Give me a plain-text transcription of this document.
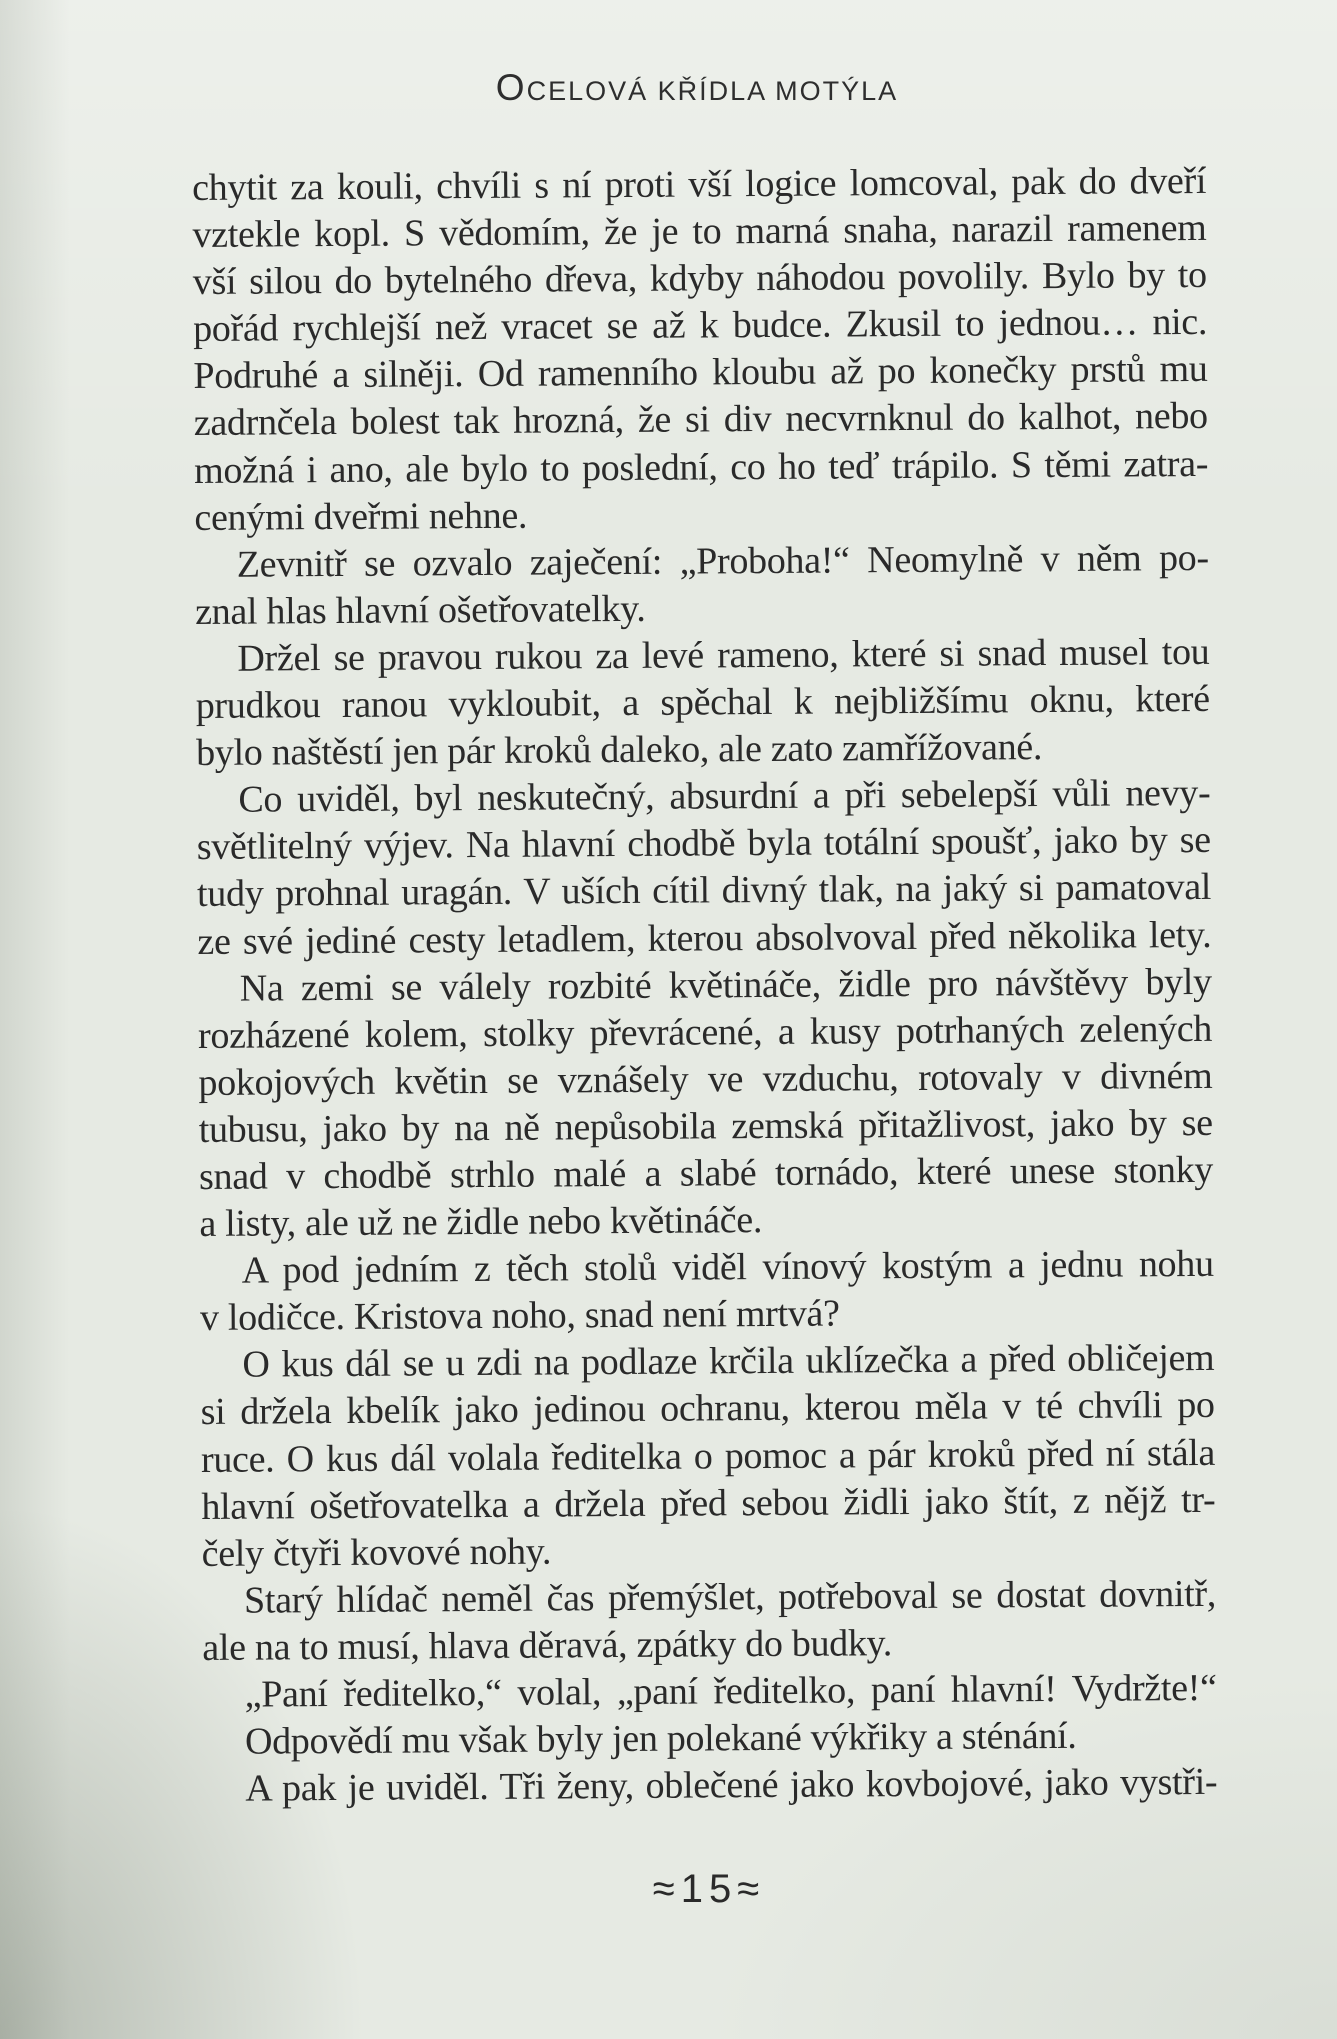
OCELOVÁ KŘÍDLA MOTÝLA
chytit za kouli, chvíli s ní proti vší logice lomcoval, pak do dveří
vztekle kopl. S vědomím, že je to marná snaha, narazil ramenem
vší silou do bytelného dřeva, kdyby náhodou povolily. Bylo by to
pořád rychlejší než vracet se až k budce. Zkusil to jednou… nic.
Podruhé a silněji. Od ramenního kloubu až po konečky prstů mu
zadrnčela bolest tak hrozná, že si div necvrnknul do kalhot, nebo
možná i ano, ale bylo to poslední, co ho teď trápilo. S těmi zatra-
cenými dveřmi nehne.
Zevnitř se ozvalo zaječení: „Proboha!“ Neomylně v něm po-
znal hlas hlavní ošetřovatelky.
Držel se pravou rukou za levé rameno, které si snad musel tou
prudkou ranou vykloubit, a spěchal k nejbližšímu oknu, které
bylo naštěstí jen pár kroků daleko, ale zato zamřížované.
Co uviděl, byl neskutečný, absurdní a při sebelepší vůli nevy-
světlitelný výjev. Na hlavní chodbě byla totální spoušť, jako by se
tudy prohnal uragán. V uších cítil divný tlak, na jaký si pamatoval
ze své jediné cesty letadlem, kterou absolvoval před několika lety.
Na zemi se válely rozbité květináče, židle pro návštěvy byly
rozházené kolem, stolky převrácené, a kusy potrhaných zelených
pokojových květin se vznášely ve vzduchu, rotovaly v divném
tubusu, jako by na ně nepůsobila zemská přitažlivost, jako by se
snad v chodbě strhlo malé a slabé tornádo, které unese stonky
a listy, ale už ne židle nebo květináče.
A pod jedním z těch stolů viděl vínový kostým a jednu nohu
v lodičce. Kristova noho, snad není mrtvá?
O kus dál se u zdi na podlaze krčila uklízečka a před obličejem
si držela kbelík jako jedinou ochranu, kterou měla v té chvíli po
ruce. O kus dál volala ředitelka o pomoc a pár kroků před ní stála
hlavní ošetřovatelka a držela před sebou židli jako štít, z nějž tr-
čely čtyři kovové nohy.
Starý hlídač neměl čas přemýšlet, potřeboval se dostat dovnitř,
ale na to musí, hlava děravá, zpátky do budky.
„Paní ředitelko,“ volal, „paní ředitelko, paní hlavní! Vydržte!“
Odpovědí mu však byly jen polekané výkřiky a sténání.
A pak je uviděl. Tři ženy, oblečené jako kovbojové, jako vystři-
≈15≈
